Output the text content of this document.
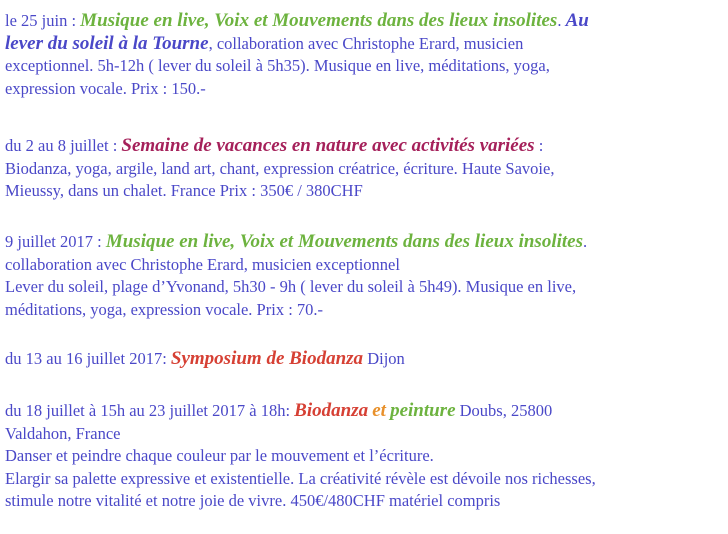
le 25 juin : Musique en live, Voix et Mouvements dans des lieux insolites. Au
lever du soleil à la Tourne, collaboration avec Christophe Erard, musicien
exceptionnel. 5h-12h ( lever du soleil à 5h35). Musique en live, méditations, yoga,
expression vocale. Prix : 150.-
du 2 au 8 juillet : Semaine de vacances en nature avec activités variées :
Biodanza, yoga, argile, land art, chant, expression créatrice, écriture. Haute Savoie,
Mieussy, dans un chalet. France Prix : 350€ / 380CHF
9 juillet 2017 : Musique en live, Voix et Mouvements dans des lieux insolites.
collaboration avec Christophe Erard, musicien exceptionnel
Lever du soleil, plage d’Yvonand, 5h30 - 9h ( lever du soleil à 5h49). Musique en live,
méditations, yoga, expression vocale. Prix : 70.-
du 13 au 16 juillet 2017: Symposium de Biodanza Dijon
du 18 juillet à 15h au 23 juillet 2017 à 18h: Biodanza et peinture Doubs, 25800
Valdahon, France
Danser et peindre chaque couleur par le mouvement et l’écriture.
Elargir sa palette expressive et existentielle. La créativité révèle est dévoile nos richesses,
stimule notre vitalité et notre joie de vivre. 450€/480CHF matériel compris
